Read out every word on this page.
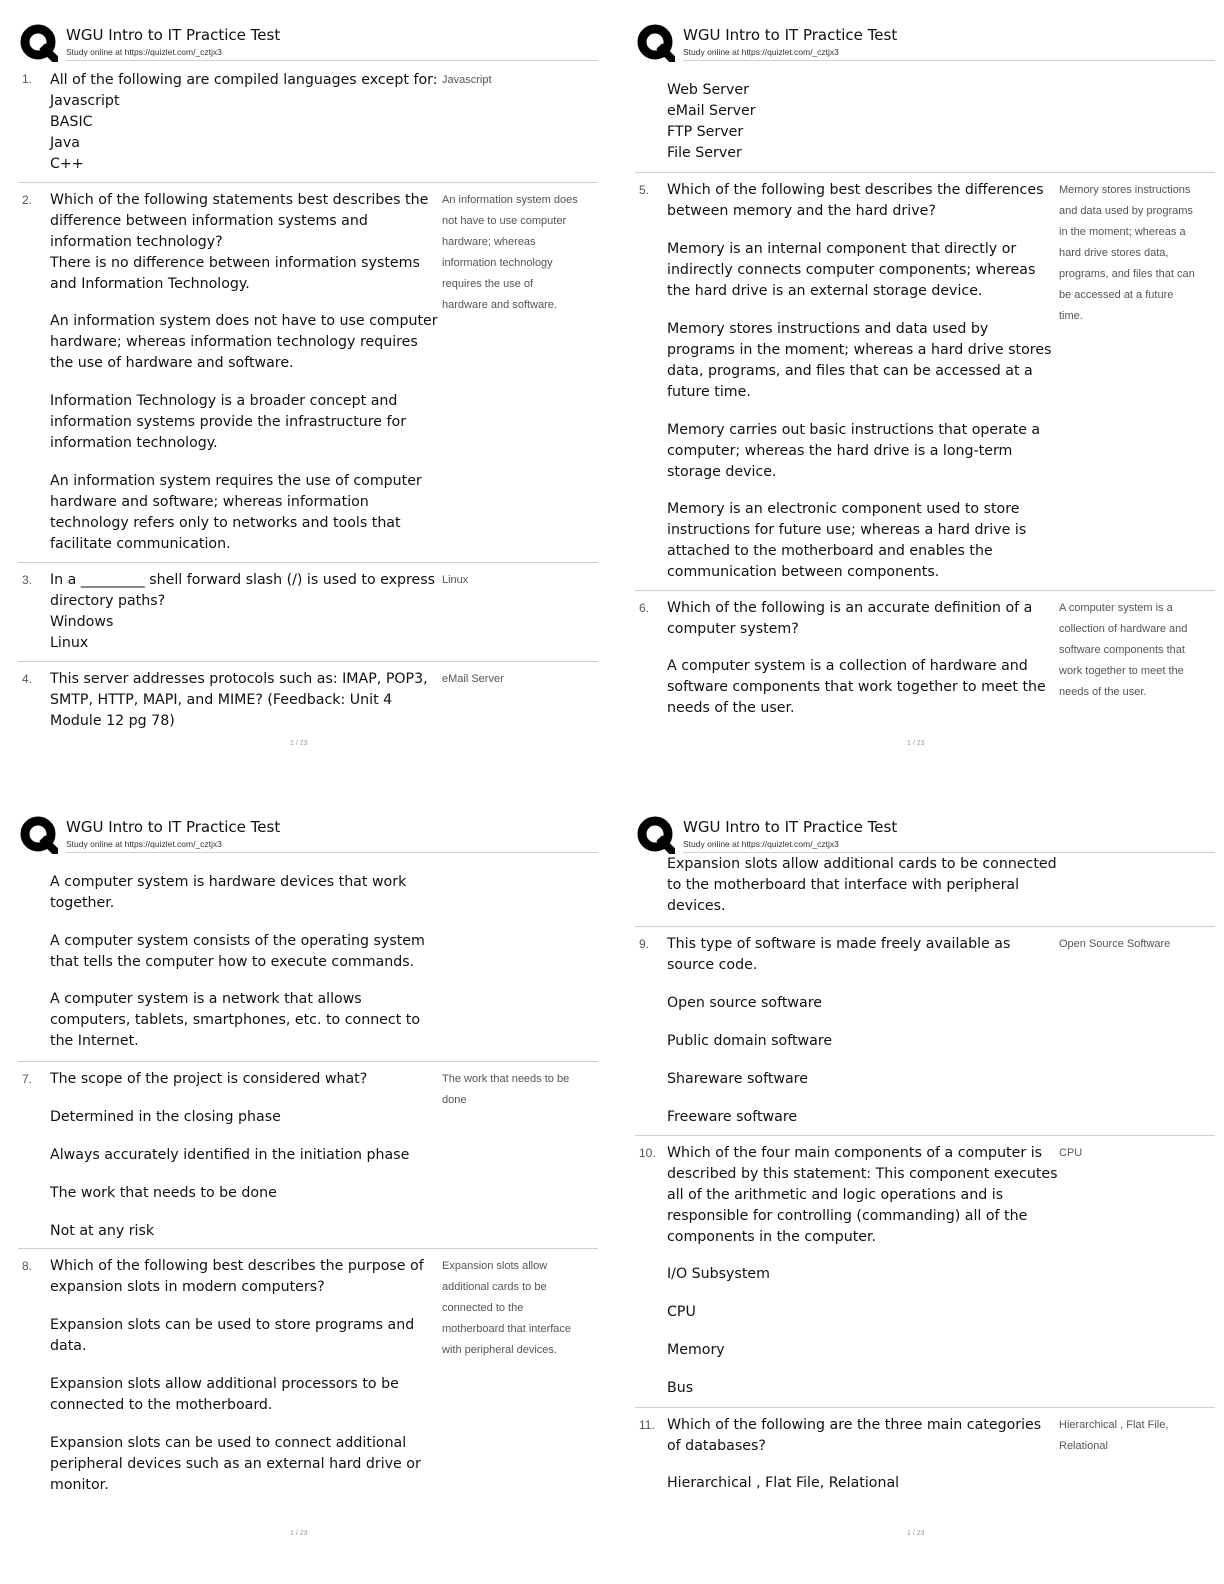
WGU Intro to IT Practice Test
Study online at https://quizlet.com/_cztjx3
1. All of the following are compiled languages except for: Javascript
Javascript
BASIC
Java
C++
2. Which of the following statements best describes the difference between information systems and information technology?
An information system does not have to use computer hardware; whereas information technology requires the use of hardware and software.
There is no difference between information systems and Information Technology.
An information system does not have to use computer hardware; whereas information technology requires the use of hardware and software.
Information Technology is a broader concept and information systems provide the infrastructure for information technology.
An information system requires the use of computer hardware and software; whereas information technology refers only to networks and tools that facilitate communication.
3. In a _________ shell forward slash (/) is used to express directory paths?
Linux
Windows
Linux
4. This server addresses protocols such as: IMAP, POP3, SMTP, HTTP, MAPI, and MIME? (Feedback: Unit 4 Module 12 pg 78)
eMail Server
1 / 23
WGU Intro to IT Practice Test
Study online at https://quizlet.com/_cztjx3
Web Server
eMail Server
FTP Server
File Server
5. Which of the following best describes the differences between memory and the hard drive?
Memory stores instructions and data used by programs in the moment; whereas a hard drive stores data, programs, and files that can be accessed at a future time.
Memory is an internal component that directly or indirectly connects computer components; whereas the hard drive is an external storage device.
Memory stores instructions and data used by programs in the moment; whereas a hard drive stores data, programs, and files that can be accessed at a future time.
Memory carries out basic instructions that operate a computer; whereas the hard drive is a long-term storage device.
Memory is an electronic component used to store instructions for future use; whereas a hard drive is attached to the motherboard and enables the communication between components.
6. Which of the following is an accurate definition of a computer system?
A computer system is a collection of hardware and software components that work together to meet the needs of the user.
A computer system is a collection of hardware and software components that work together to meet the needs of the user.
1 / 23
WGU Intro to IT Practice Test
Study online at https://quizlet.com/_cztjx3
A computer system is hardware devices that work together.
A computer system consists of the operating system that tells the computer how to execute commands.
A computer system is a network that allows computers, tablets, smartphones, etc. to connect to the Internet.
7. The scope of the project is considered what?	The work that needs to be done
Determined in the closing phase
Always accurately identified in the initiation phase
The work that needs to be done
Not at any risk
8. Which of the following best describes the purpose of expansion slots in modern computers?
Expansion slots allow additional cards to be connected to the motherboard that interface with peripheral devices.
Expansion slots can be used to store programs and data.
Expansion slots allow additional processors to be connected to the motherboard.
Expansion slots can be used to connect additional peripheral devices such as an external hard drive or monitor.
1 / 23
WGU Intro to IT Practice Test
Study online at https://quizlet.com/_cztjx3
Expansion slots allow additional cards to be connected to the motherboard that interface with peripheral devices.
9. This type of software is made freely available as source code.
Open Source Software
Open source software
Public domain software
Shareware software
Freeware software
10. Which of the four main components of a computer is described by this statement: This component executes all of the arithmetic and logic operations and is responsible for controlling (commanding) all of the components in the computer.
CPU
I/O Subsystem
CPU
Memory
Bus
11. Which of the following are the three main categories of databases?
Hierarchical , Flat File, Relational
Hierarchical , Flat File, Relational
1 / 23
